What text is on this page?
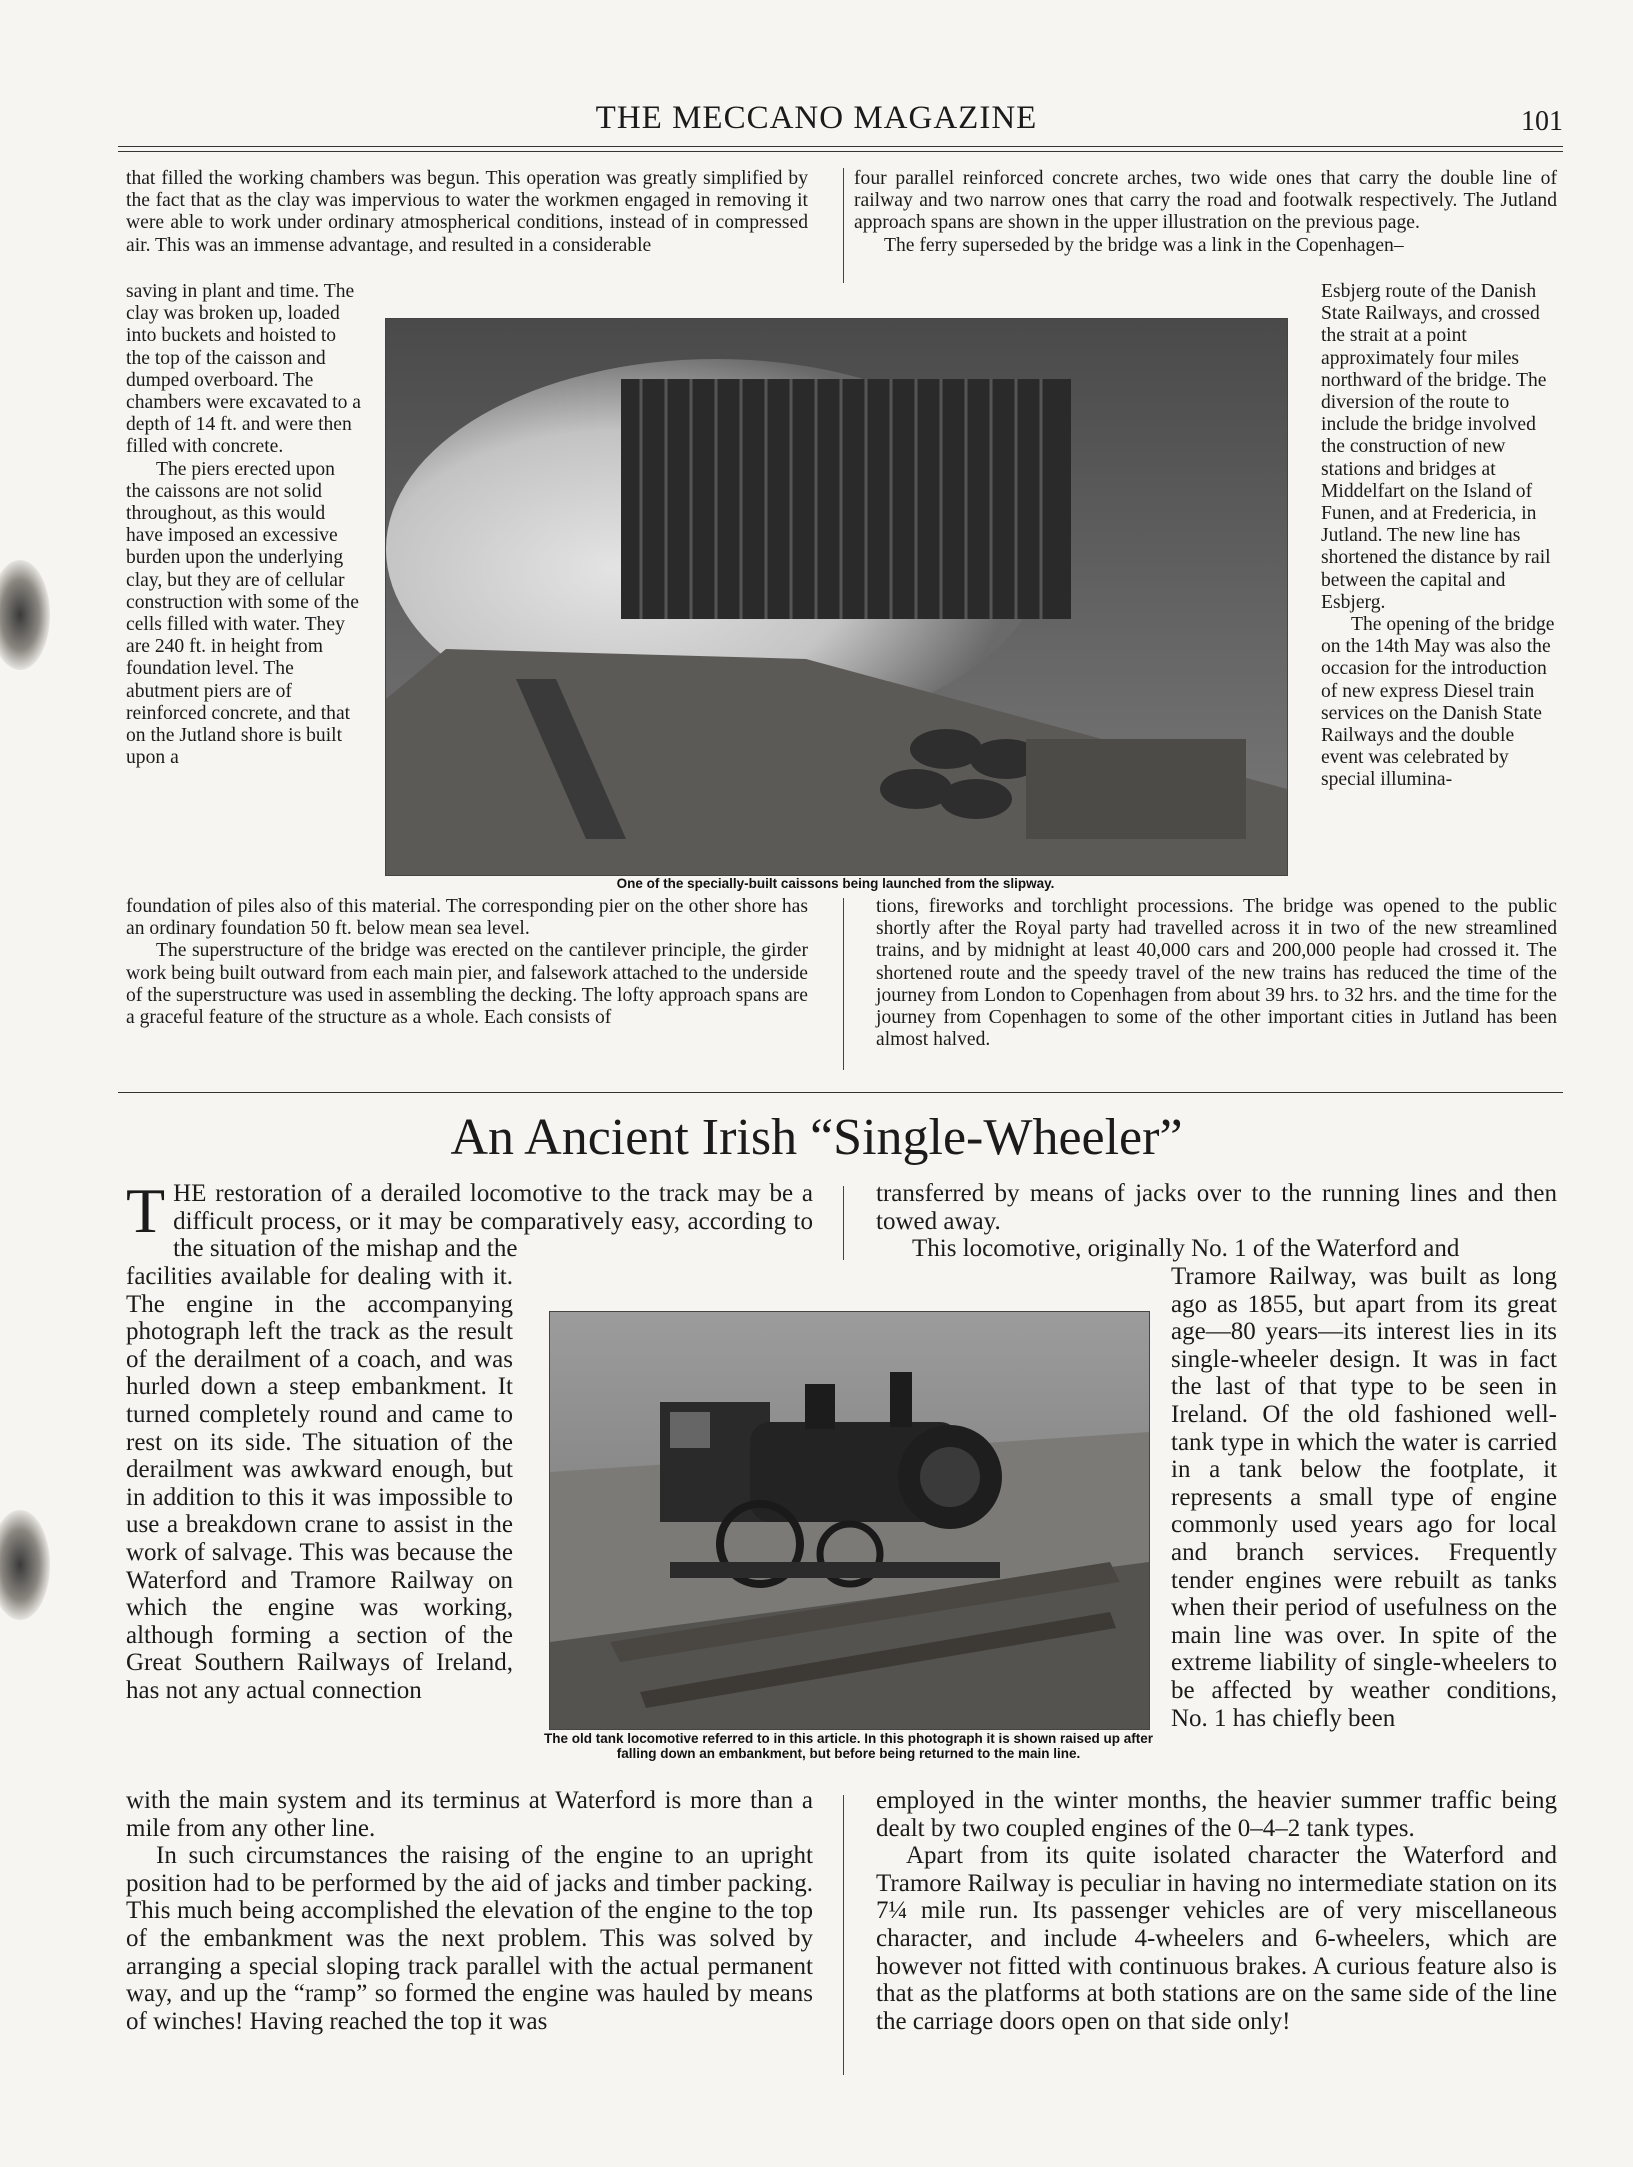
THE MECCANO MAGAZINE	101

that filled the working chambers was begun. This operation was greatly simplified by the fact that as the clay was impervious to water the workmen engaged in removing it were able to work under ordinary atmospherical conditions, instead of in compressed air. This was an immense advantage, and resulted in a considerable

four parallel reinforced concrete arches, two wide ones that carry the double line of railway and two narrow ones that carry the road and footwalk respectively. The Jutland approach spans are shown in the upper illustration on the previous page.

The ferry superseded by the bridge was a link in the Copenhagen–

saving in plant and time. The clay was broken up, loaded into buckets and hoisted to the top of the caisson and dumped overboard. The chambers were excavated to a depth of 14 ft. and were then filled with concrete.

The piers erected upon the caissons are not solid throughout, as this would have imposed an excessive burden upon the underlying clay, but they are of cellular construction with some of the cells filled with water. They are 240 ft. in height from foundation level. The abutment piers are of reinforced concrete, and that on the Jutland shore is built upon a

Esbjerg route of the Danish State Railways, and crossed the strait at a point approximately four miles northward of the bridge. The diversion of the route to include the bridge involved the construction of new stations and bridges at Middelfart on the Island of Funen, and at Fredericia, in Jutland. The new line has shortened the distance by rail between the capital and Esbjerg.

The opening of the bridge on the 14th May was also the occasion for the introduction of new express Diesel train services on the Danish State Railways and the double event was celebrated by special illumina-

One of the specially-built caissons being launched from the slipway.

foundation of piles also of this material. The corresponding pier on the other shore has an ordinary foundation 50 ft. below mean sea level.

The superstructure of the bridge was erected on the cantilever principle, the girder work being built outward from each main pier, and falsework attached to the underside of the superstructure was used in assembling the decking. The lofty approach spans are a graceful feature of the structure as a whole. Each consists of

tions, fireworks and torchlight processions. The bridge was opened to the public shortly after the Royal party had travelled across it in two of the new streamlined trains, and by midnight at least 40,000 cars and 200,000 people had crossed it. The shortened route and the speedy travel of the new trains has reduced the time of the journey from London to Copenhagen from about 39 hrs. to 32 hrs. and the time for the journey from Copenhagen to some of the other important cities in Jutland has been almost halved.

An Ancient Irish “Single-Wheeler”
THE restoration of a derailed locomotive to the track may be a difficult process, or it may be comparatively easy, according to the situation of the mishap and the

transferred by means of jacks over to the running lines and then towed away.

This locomotive, originally No. 1 of the Waterford and

facilities available for dealing with it. The engine in the accompanying photograph left the track as the result of the derailment of a coach, and was hurled down a steep embankment. It turned completely round and came to rest on its side. The situation of the derailment was awkward enough, but in addition to this it was impossible to use a breakdown crane to assist in the work of salvage. This was because the Waterford and Tramore Railway on which the engine was working, although forming a section of the Great Southern Railways of Ireland, has not any actual connection

Tramore Railway, was built as long ago as 1855, but apart from its great age—80 years—its interest lies in its single-wheeler design. It was in fact the last of that type to be seen in Ireland. Of the old fashioned well-tank type in which the water is carried in a tank below the footplate, it represents a small type of engine commonly used years ago for local and branch services. Frequently tender engines were rebuilt as tanks when their period of usefulness on the main line was over. In spite of the extreme liability of single-wheelers to be affected by weather conditions, No. 1 has chiefly been

The old tank locomotive referred to in this article. In this photograph it is shown raised up after falling down an embankment, but before being returned to the main line.

with the main system and its terminus at Waterford is more than a mile from any other line.

In such circumstances the raising of the engine to an upright position had to be performed by the aid of jacks and timber packing. This much being accomplished the elevation of the engine to the top of the embankment was the next problem. This was solved by arranging a special sloping track parallel with the actual permanent way, and up the “ramp” so formed the engine was hauled by means of winches! Having reached the top it was

employed in the winter months, the heavier summer traffic being dealt by two coupled engines of the 0–4–2 tank types.

Apart from its quite isolated character the Waterford and Tramore Railway is peculiar in having no intermediate station on its 7¼ mile run. Its passenger vehicles are of very miscellaneous character, and include 4-wheelers and 6-wheelers, which are however not fitted with continuous brakes. A curious feature also is that as the platforms at both stations are on the same side of the line the carriage doors open on that side only!
